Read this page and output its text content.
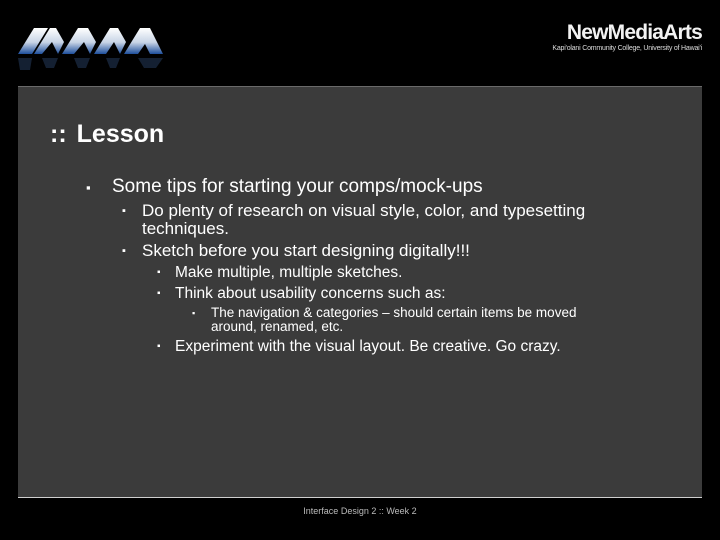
NewMediaArts
Kapi'olani Community College, University of Hawai'i
:: Lesson
▪ Some tips for starting your comps/mock-ups
▪ Do plenty of research on visual style, color, and typesetting techniques.
▪ Sketch before you start designing digitally!!!
▪ Make multiple, multiple sketches.
▪ Think about usability concerns such as:
▪ The navigation & categories – should certain items be moved around, renamed, etc.
▪ Experiment with the visual layout. Be creative. Go crazy.
Interface Design 2 :: Week 2
